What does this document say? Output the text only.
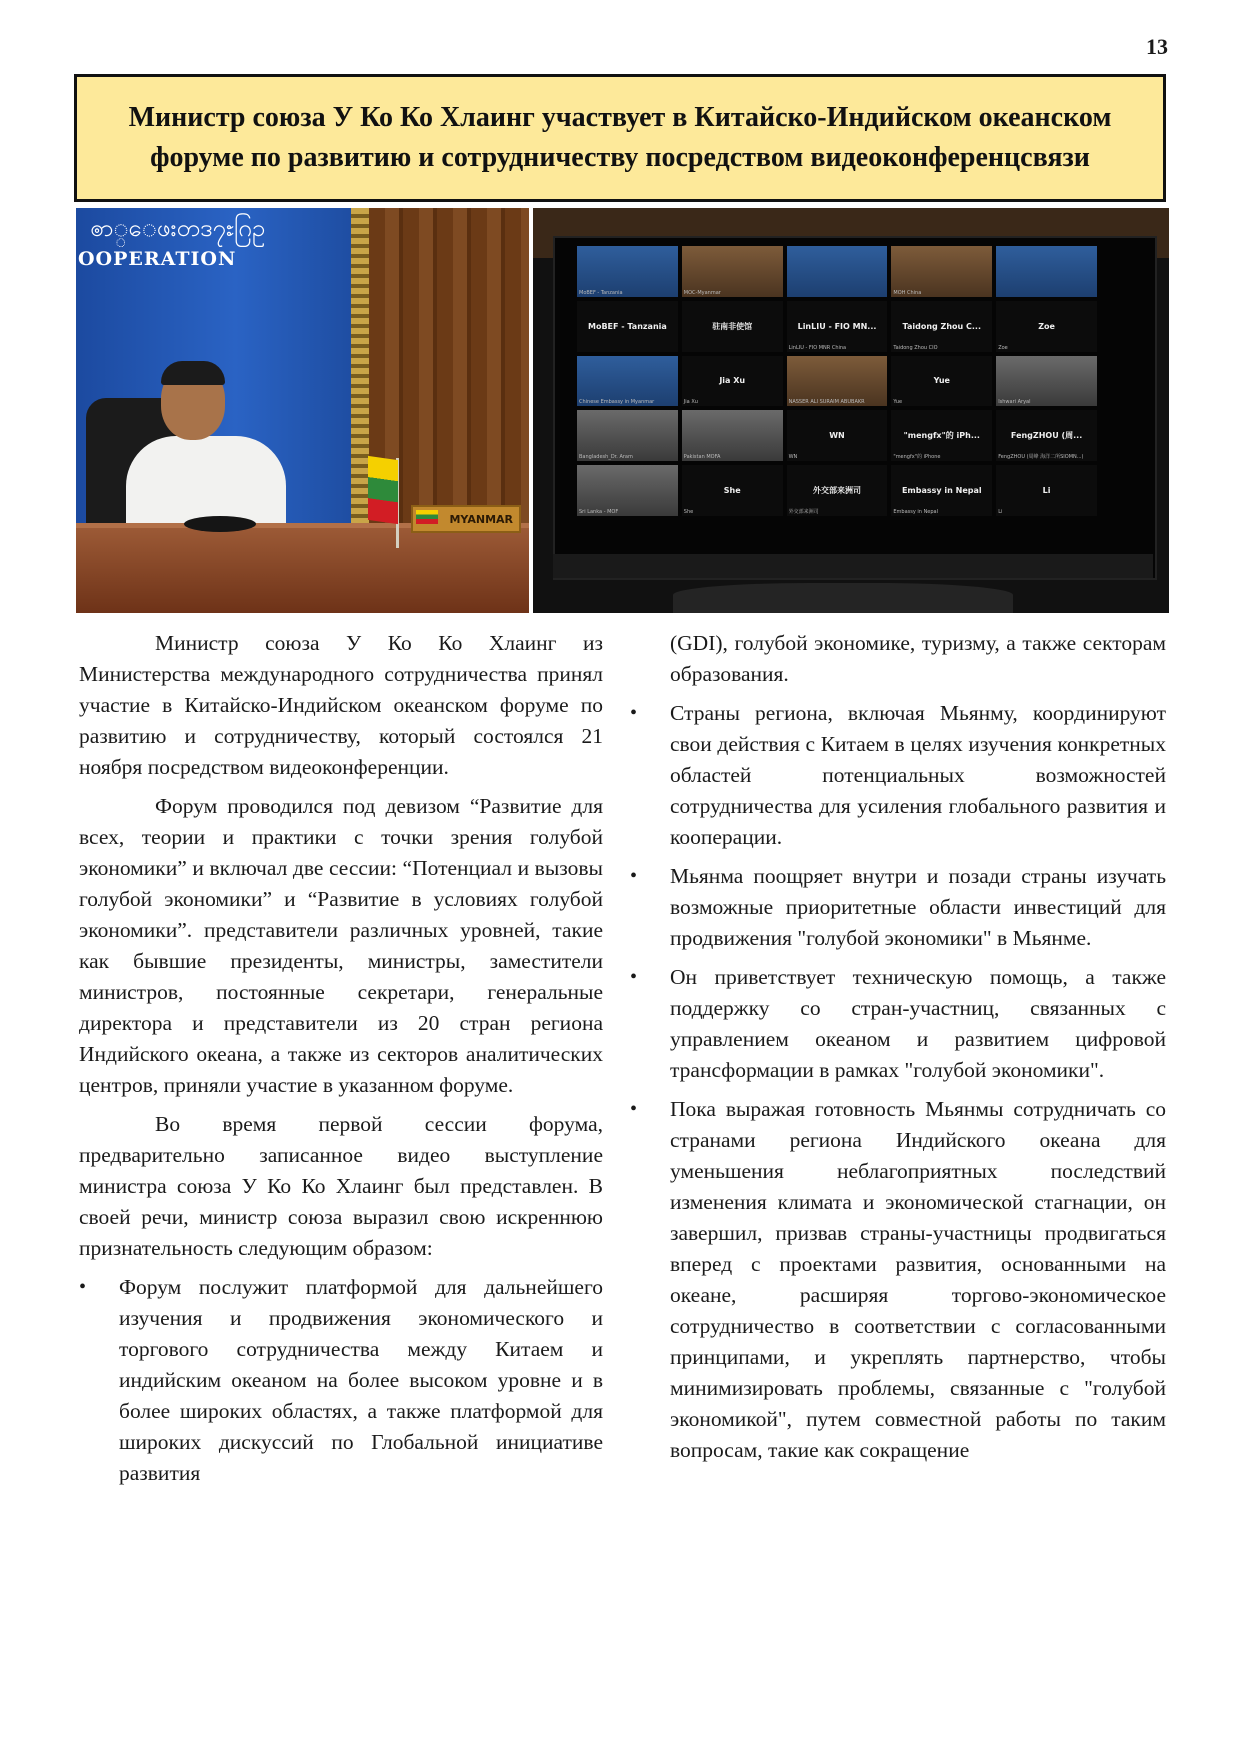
13
Министр союза У Ко Ко Хлаинг участвует в Китайско-Индийском океанском форуме по развитию и сотрудничеству посредством видеоконференцсвязи
ၜာ္ေဖးတဒ၇ႊဂြဥ
OOPERATION
MYANMAR
MoBEF - Tanzania	MOC-Myanmar	MOH China
MoBEF - Tanzania	驻南非使馆	LinLIU - FIO MN...
LinLIU - FIO MNR China
Taidong Zhou C...
Taidong Zhou CIO
Zoe
Zoe
Chinese Embassy in Myanmar
Jia Xu
Jia Xu	NASSER ALI SURAIM ABUBAKR
Yue
Yue	Ishwari Aryal
Bangladesh_Dr. Aram	Pakistan MOFA
WN
WN
"mengfx"的 iPh...
"mengfx"的 iPhone
FengZHOU (周...
FengZHOU (周峰 海洋二所SIOMN...)
Sri Lanka - MOF
She
She
外交部来洲司
外交部来洲司
Embassy in Nepal
Embassy in Nepal
Li
Li

Министр союза У Ко Ко Хлаинг из Министерства международного сотрудничества принял участие в Китайско-Индийском океанском форуме по развитию и сотрудничеству, который состоялся 21 ноября посредством видеоконференции.

Форум проводился под девизом “Развитие для всех, теории и практики с точки зрения голубой экономики” и включал две сессии: “Потенциал и вызовы голубой экономики” и “Развитие в условиях голубой экономики”. представители различных уровней, такие как бывшие президенты, министры, заместители министров, постоянные секретари, генеральные директора и представители из 20 стран региона Индийского океана, а также из секторов аналитических центров, приняли участие в указанном форуме.

Во время первой сессии форума, предварительно записанное видео выступление министра союза У Ко Ко Хлаинг был представлен. В своей речи, министр союза выразил свою искреннюю признательность следующим образом:

• Форум послужит платформой для дальнейшего изучения и продвижения экономического и торгового сотрудничества между Китаем и индийским океаном на более высоком уровне и в более широких областях, а также платформой для широких дискуссий по Глобальной инициативе развития

(GDI), голубой экономике, туризму, а также секторам образования.

• Страны региона, включая Мьянму, координируют свои действия с Китаем в целях изучения конкретных областей потенциальных возможностей сотрудничества для усиления глобального развития и кооперации.
• Мьянма поощряет внутри и позади страны изучать возможные приоритетные области инвестиций для продвижения "голубой экономики" в Мьянме.
• Он приветствует техническую помощь, а также поддержку со стран-участниц, связанных с управлением океаном и развитием цифровой трансформации в рамках "голубой экономики".
• Пока выражая готовность Мьянмы сотрудничать со странами региона Индийского океана для уменьшения неблагоприятных последствий изменения климата и экономической стагнации, он завершил, призвав страны-участницы продвигаться вперед с проектами развития, основанными на океане, расширяя торгово-экономическое сотрудничество в соответствии с согласованными принципами, и укреплять партнерство, чтобы минимизировать проблемы, связанные с "голубой экономикой", путем совместной работы по таким вопросам, такие как сокращение
